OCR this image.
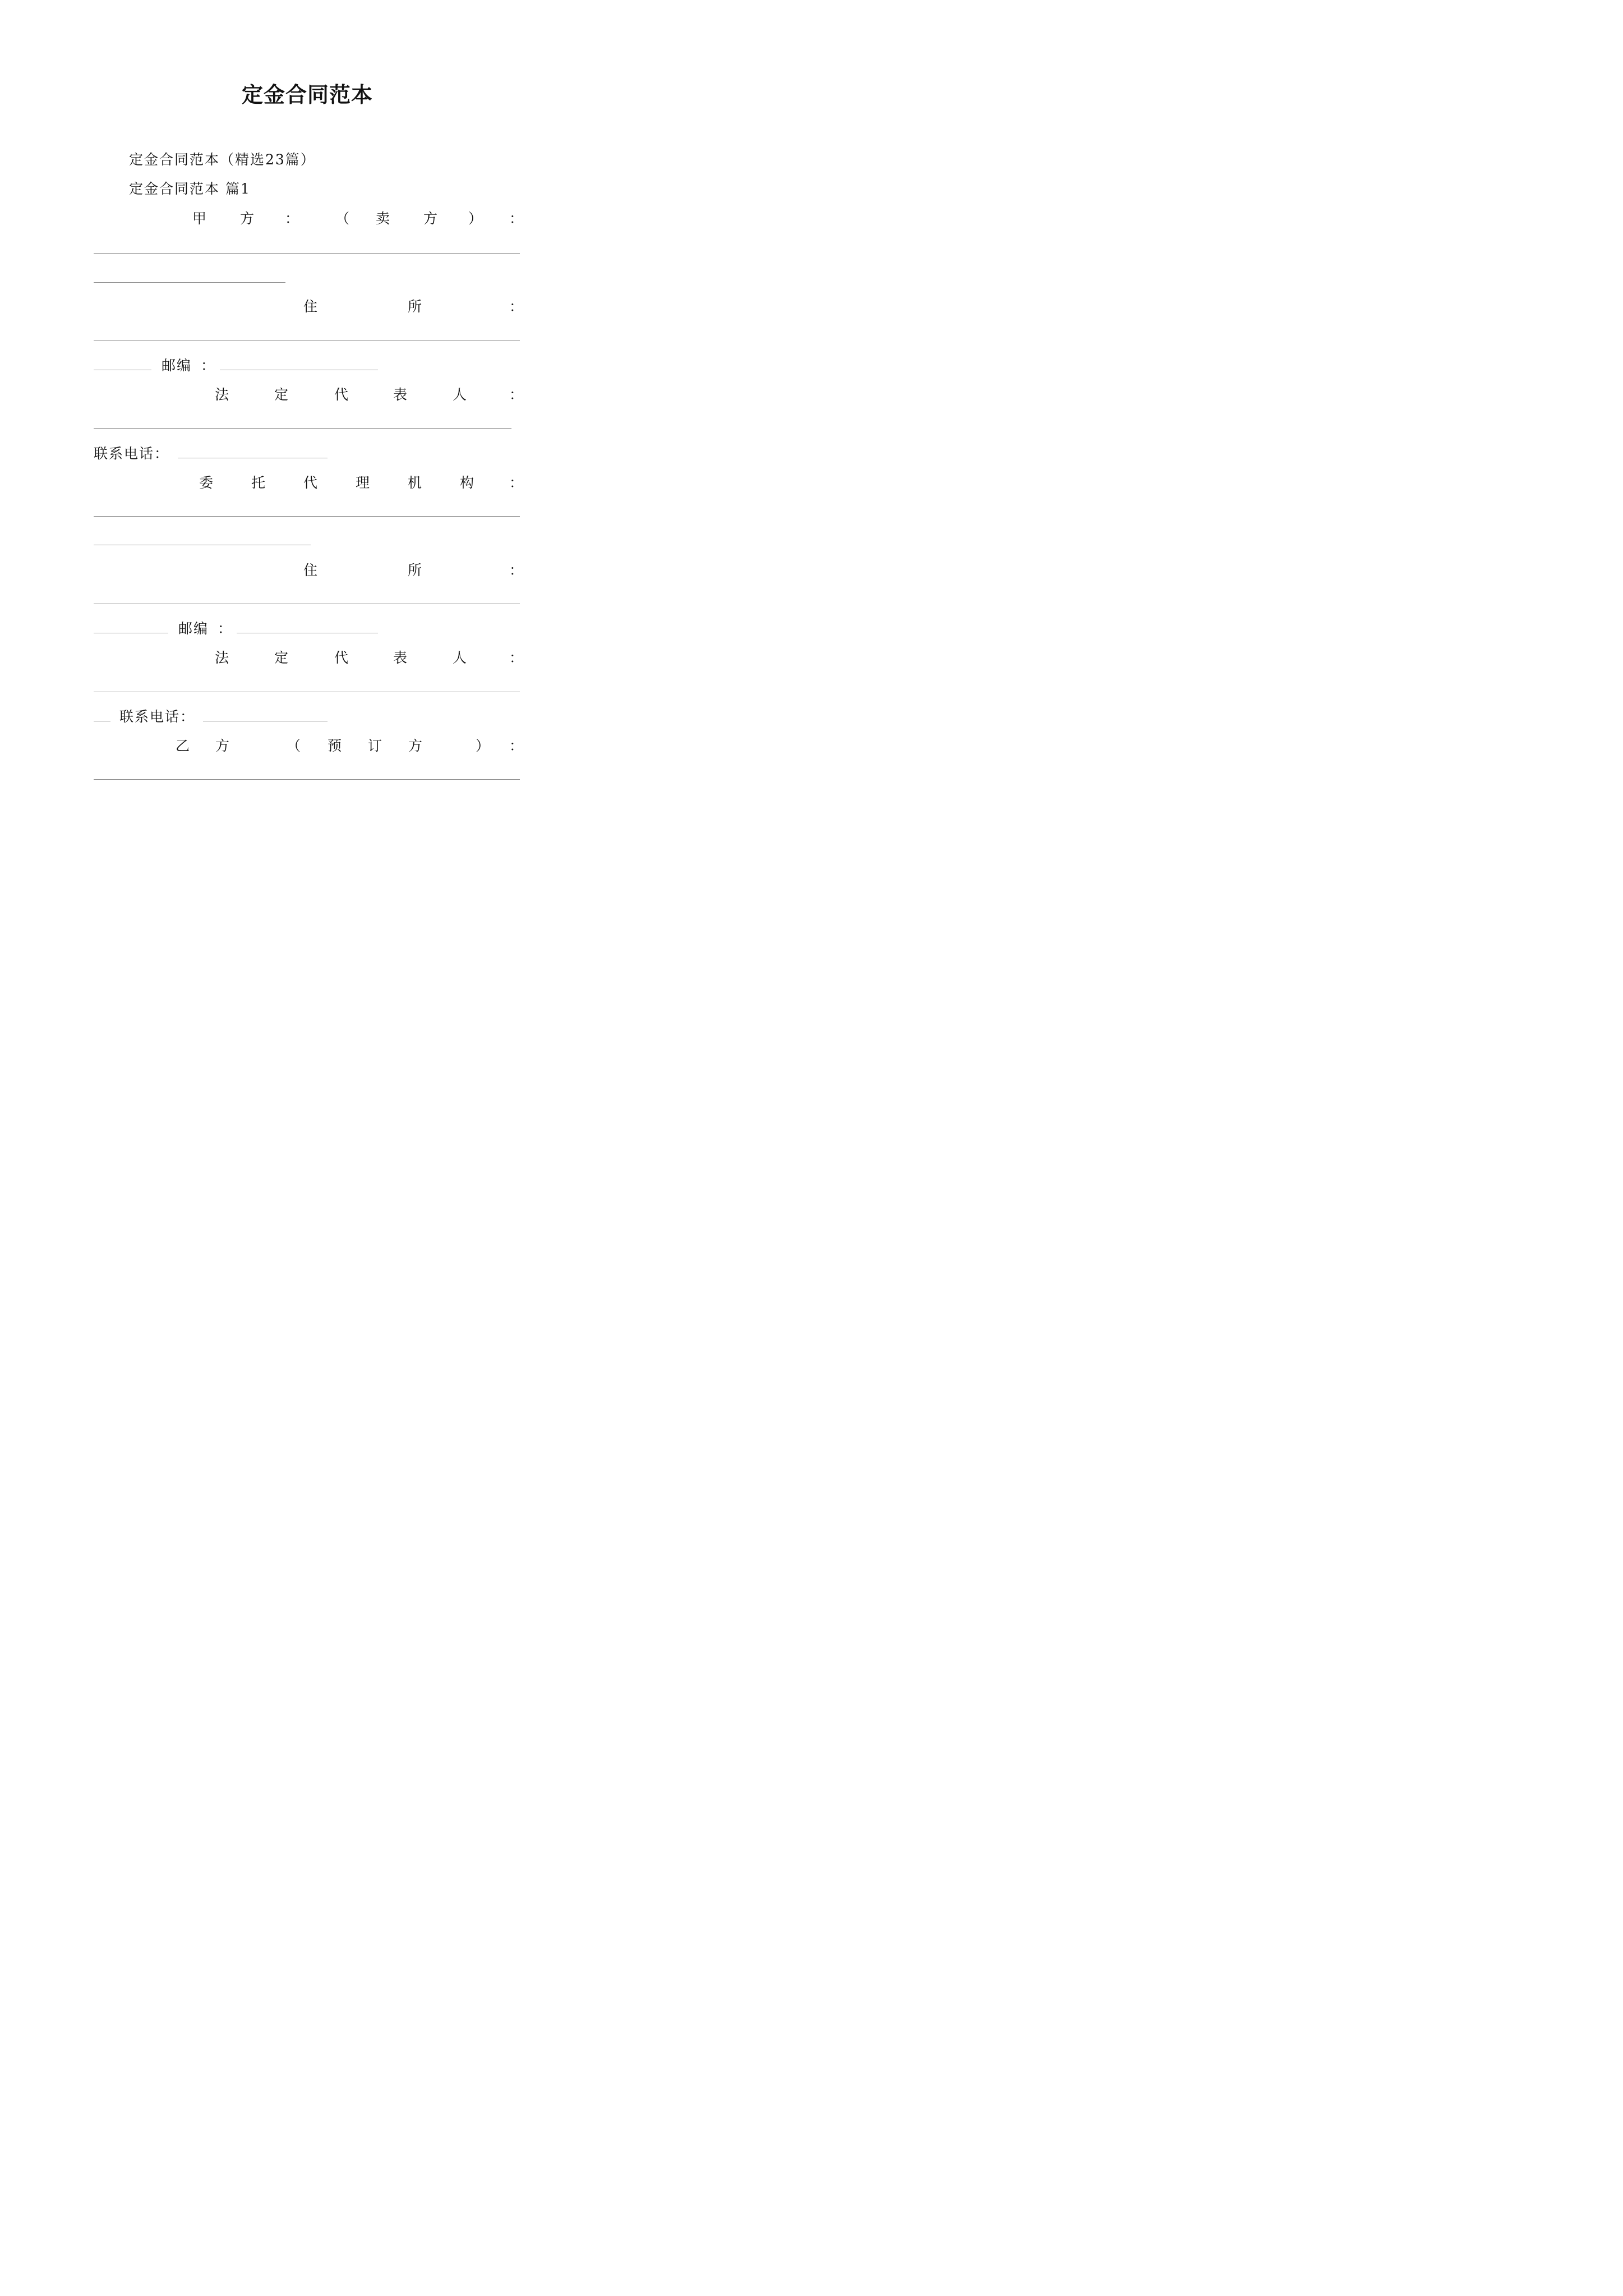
定金合同范本
定金合同范本（精选23篇）
定金合同范本 篇1
甲 方 ：	（ 卖 方 ） ：
住	所	：
邮编 ：
法	定	代	表	人	：
联系电话：
委	托	代	理	机	构	：
住	所	：
邮编 ：
法	定	代	表	人	：
联系电话：
乙 方	（ 预 订 方	） ：
